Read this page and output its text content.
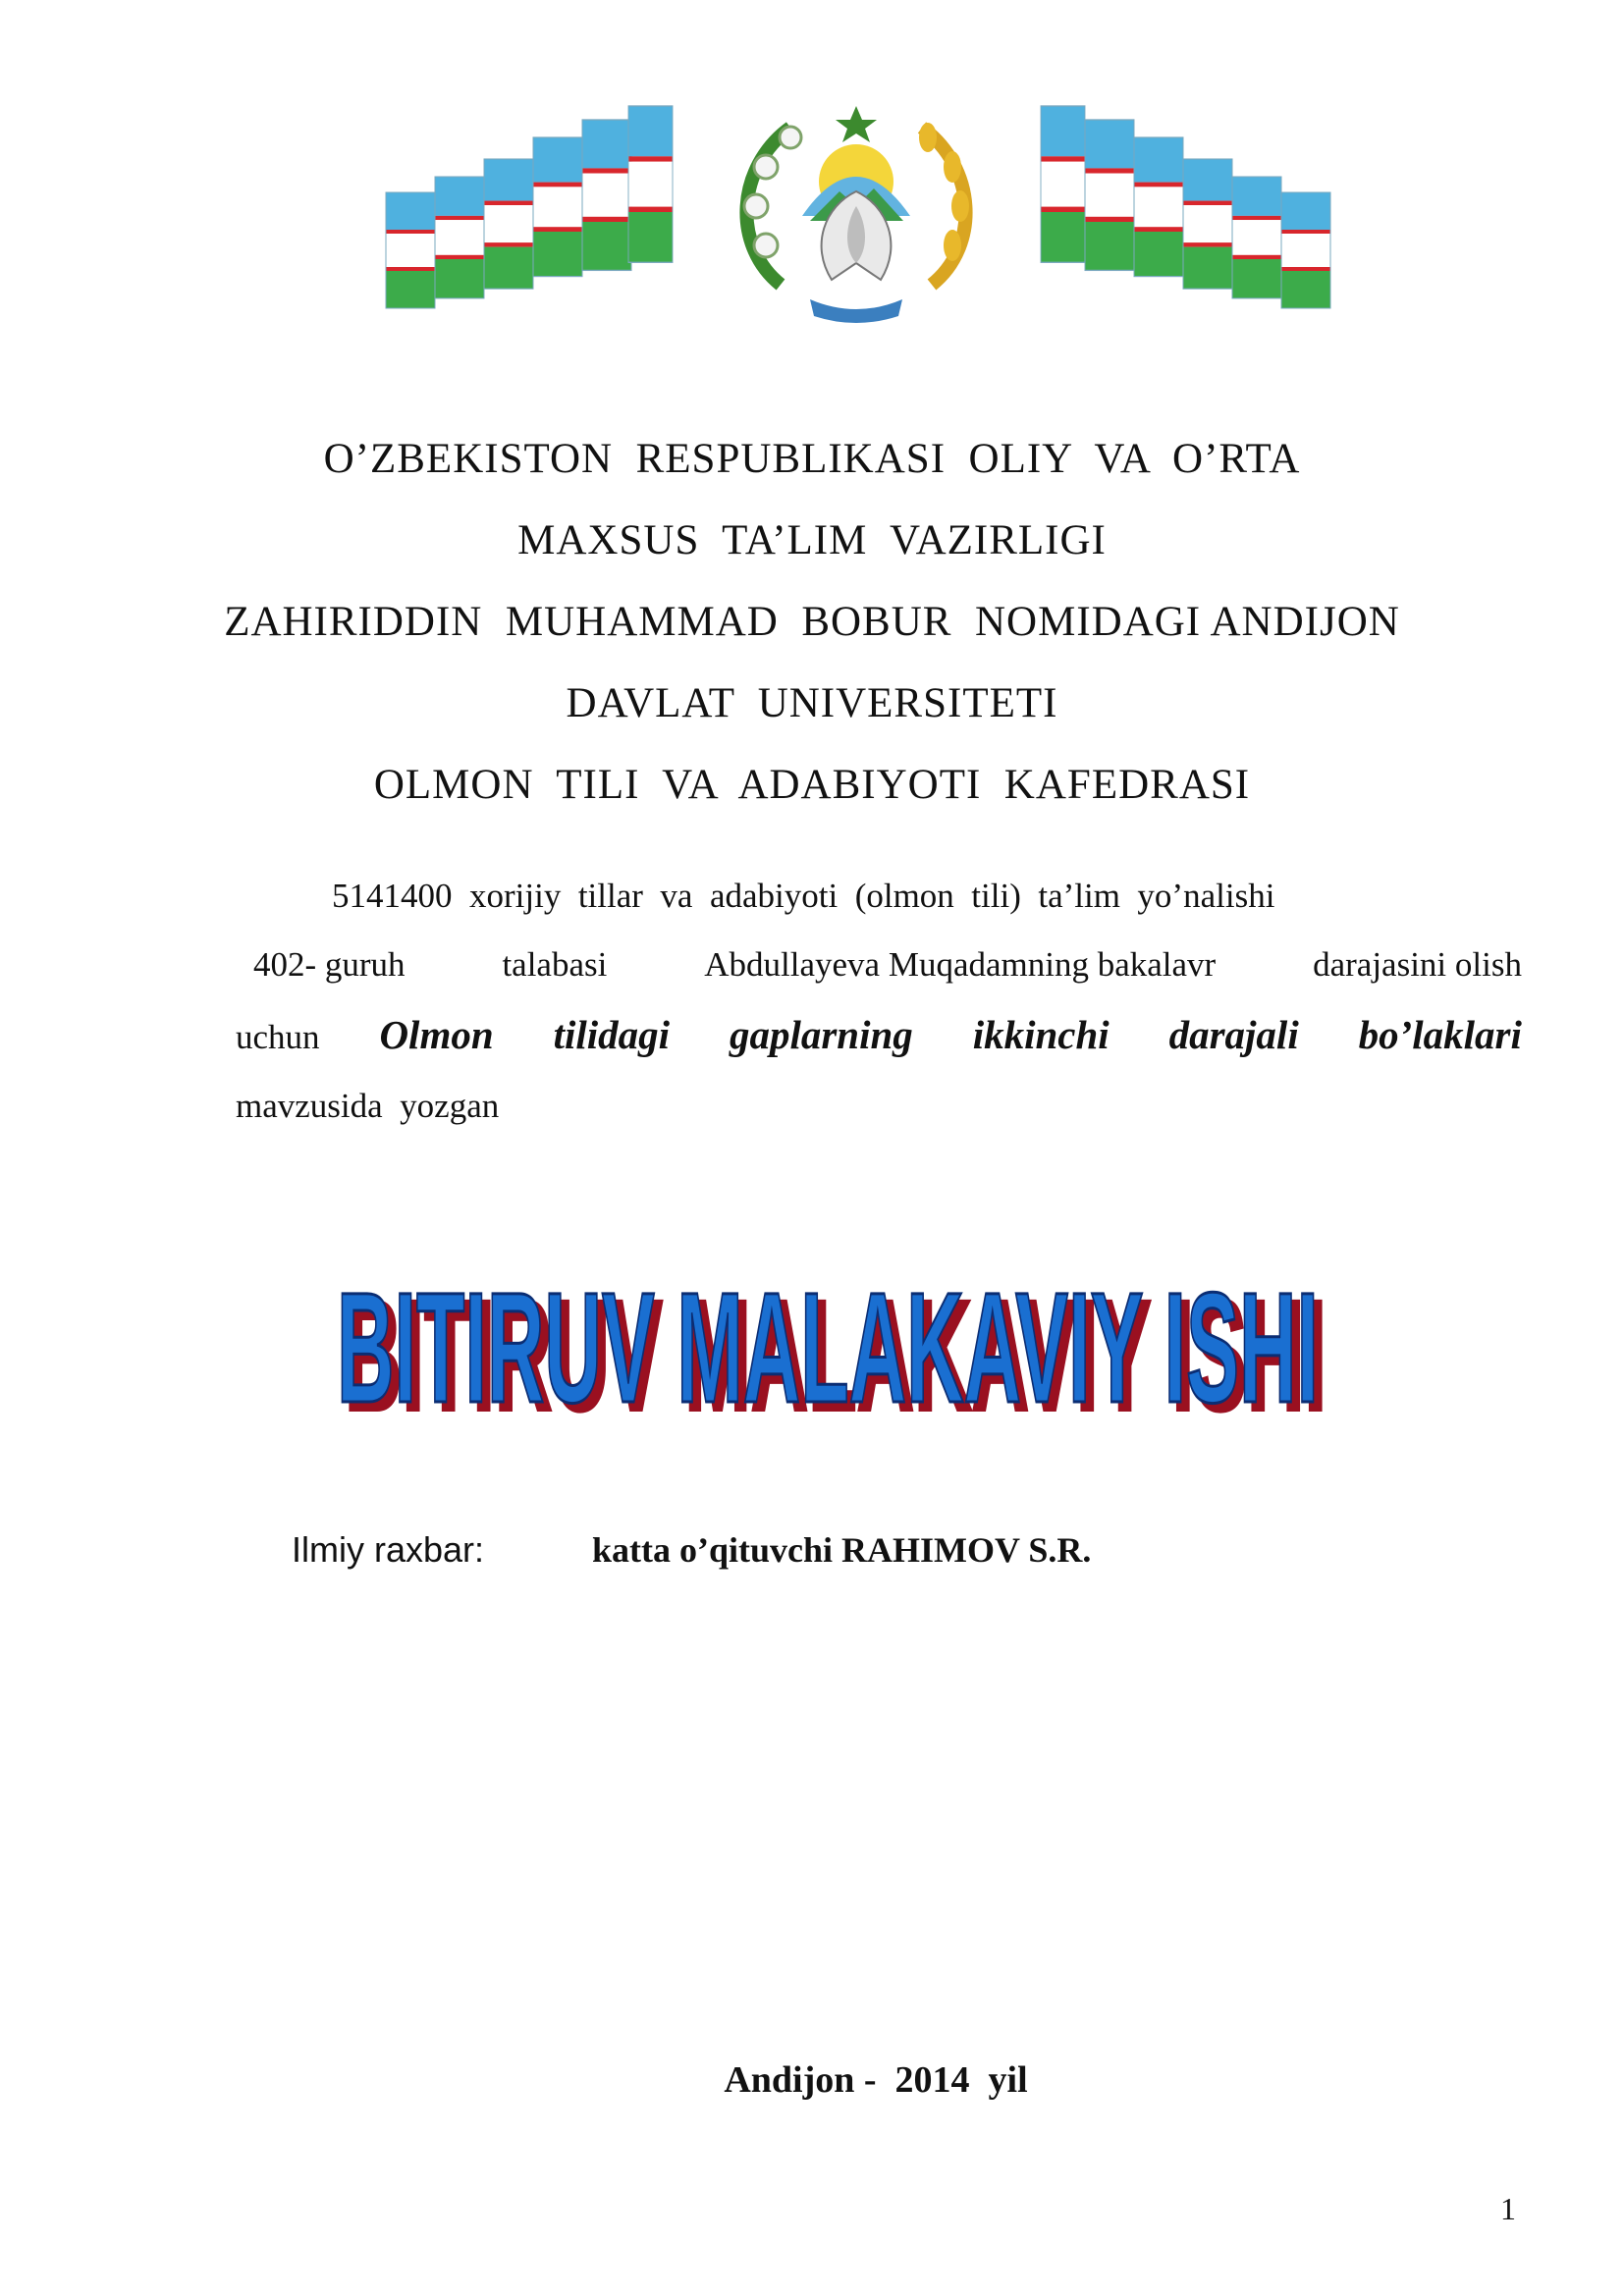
O’ZBEKISTON  RESPUBLIKASI  OLIY  VA  O’RTA
MAXSUS  TA’LIM  VAZIRLIGI
ZAHIRIDDIN  MUHAMMAD  BOBUR  NOMIDAGI ANDIJON
DAVLAT  UNIVERSITETI
OLMON  TILI  VA  ADABIYOTI  KAFEDRASI
5141400  xorijiy  tillar  va  adabiyoti  (olmon  tili)  ta’lim  yo’nalishi
402- guruh	talabasi	Abdullayeva Muqadamning bakalavr	darajasini olish
uchun Olmon tilidagi gaplarning ikkinchi darajali bo’laklari
mavzusida  yozgan
BITIRUV MALAKAVIY ISHI
BITIRUV MALAKAVIY ISHI
Ilmiy raxbar:	katta o’qituvchi RAHIMOV S.R.
Andijon -  2014  yil
1
